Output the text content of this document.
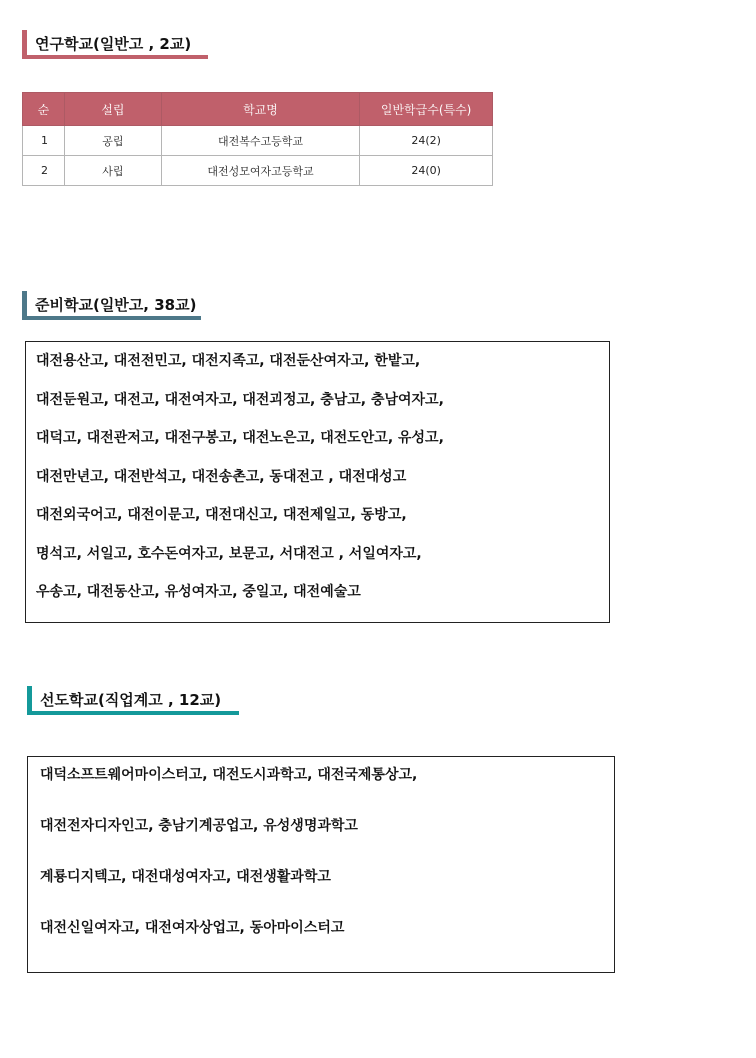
연구학교(일반고 , 2교)
순	설립	학교명	일반학급수(특수)
1	공립	대전복수고등학교	24(2)
2	사립	대전성모여자고등학교	24(0)
준비학교(일반고, 38교)
대전용산고, 대전전민고, 대전지족고, 대전둔산여자고, 한밭고,
대전둔원고, 대전고, 대전여자고, 대전괴정고, 충남고, 충남여자고,
대덕고, 대전관저고, 대전구봉고, 대전노은고, 대전도안고, 유성고,
대전만년고, 대전반석고, 대전송촌고, 동대전고 , 대전대성고
대전외국어고, 대전이문고, 대전대신고, 대전제일고, 동방고,
명석고, 서일고, 호수돈여자고, 보문고, 서대전고 , 서일여자고,
우송고, 대전동산고, 유성여자고, 중일고, 대전예술고
선도학교(직업계고 , 12교)
대덕소프트웨어마이스터고, 대전도시과학고, 대전국제통상고,
대전전자디자인고, 충남기계공업고, 유성생명과학고
계룡디지텍고, 대전대성여자고, 대전생활과학고
대전신일여자고, 대전여자상업고, 동아마이스터고
